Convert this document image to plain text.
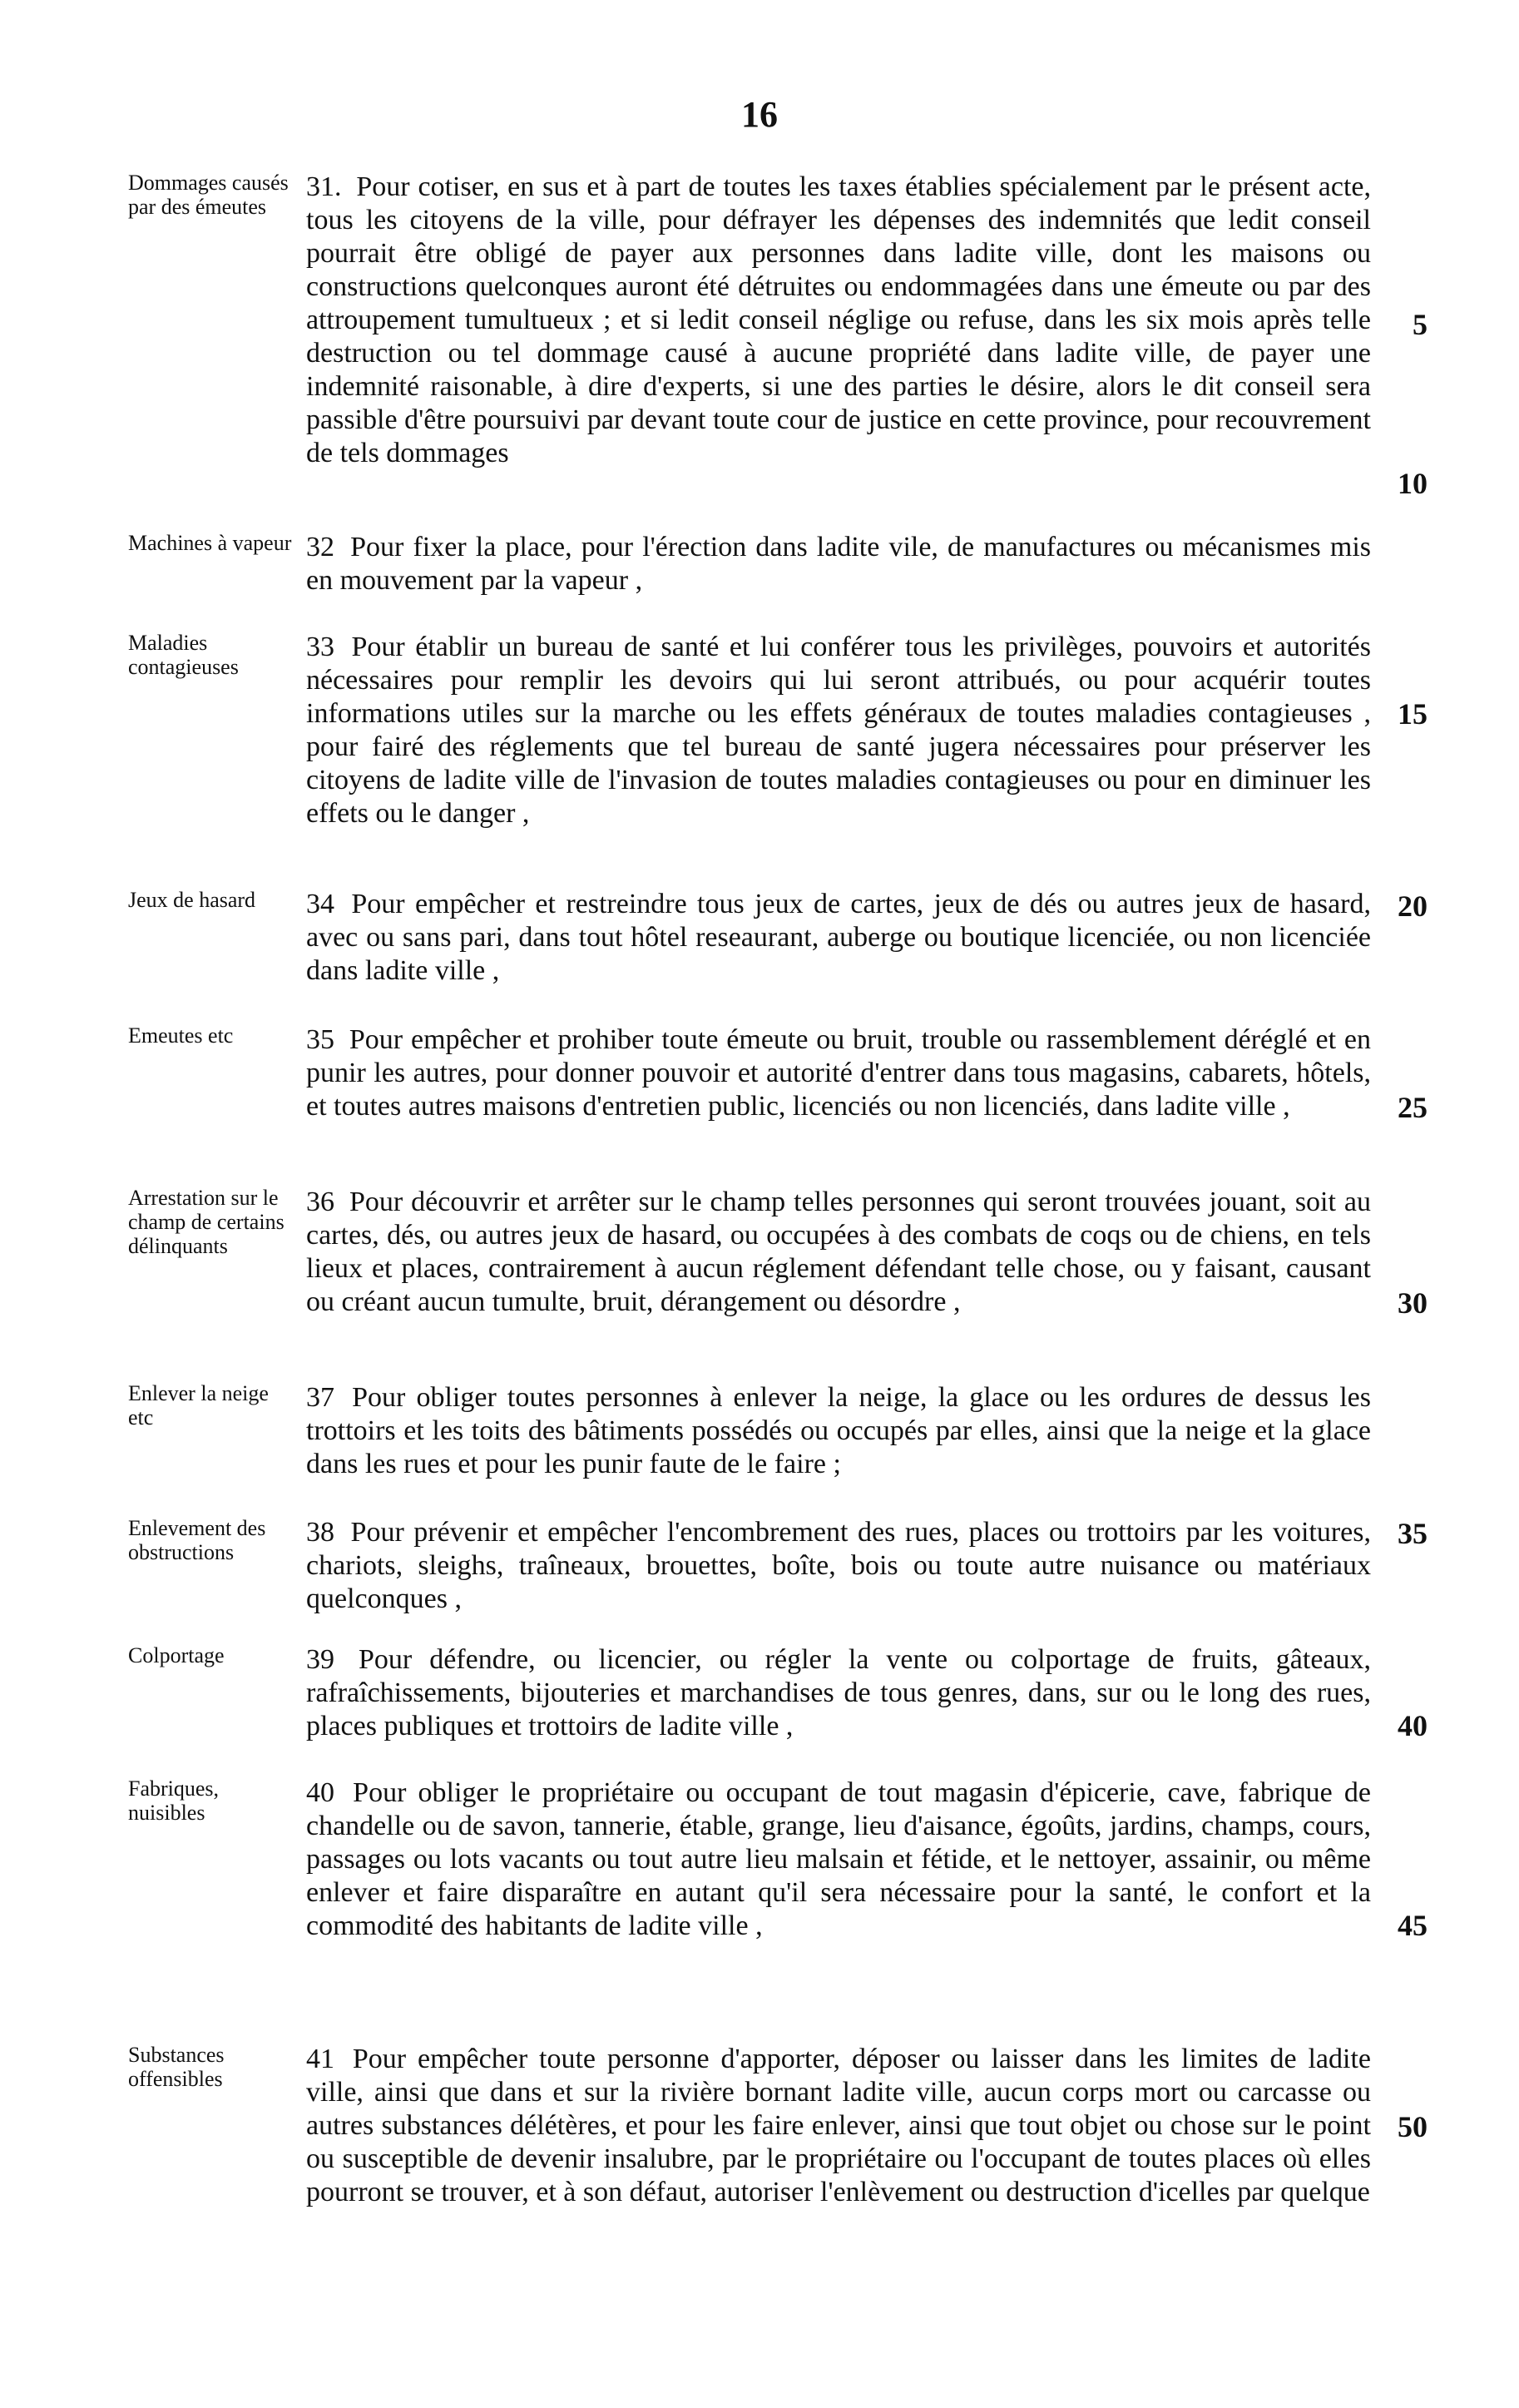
16
Dommages causés par des émeutes
31. Pour cotiser, en sus et à part de toutes les taxes établies spécialement par le présent acte, tous les citoyens de la ville, pour défrayer les dépenses des indemnités que ledit conseil pourrait être obligé de payer aux personnes dans ladite ville, dont les maisons ou constructions quelconques auront été détruites ou endommagées dans une émeute ou par des attroupement tumultueux ; et si ledit conseil néglige ou refuse, dans les six mois après telle destruction ou tel dommage causé à aucune propriété dans ladite ville, de payer une indemnité raisonable, à dire d'experts, si une des parties le désire, alors le dit conseil sera passible d'être poursuivi par devant toute cour de justice en cette province, pour recouvrement de tels dommages
Machines à vapeur 32 Pour fixer la place, pour l'érection dans ladite vile, de manufactures ou mécanismes mis en mouvement par la vapeur ,
Maladies contagieuses
33 Pour établir un bureau de santé et lui conférer tous les privilèges, pouvoirs et autorités nécessaires pour remplir les devoirs qui lui seront attribués, ou pour acquérir toutes informations utiles sur la marche ou les effets généraux de toutes maladies contagieuses , pour fairé des réglements que tel bureau de santé jugera nécessaires pour préserver les citoyens de ladite ville de l'invasion de toutes maladies contagieuses ou pour en diminuer les effets ou le danger ,
Jeux de hasard	34 Pour empêcher et restreindre tous jeux de cartes, jeux de dés ou autres jeux de hasard, avec ou sans pari, dans tout hôtel reseaurant, auberge ou boutique licenciée, ou non licenciée dans ladite ville ,
Emeutes etc	35 Pour empêcher et prohiber toute émeute ou bruit, trouble ou rassemblement déréglé et en punir les autres, pour donner pouvoir et autorité d'entrer dans tous magasins, cabarets, hôtels, et toutes autres maisons d'entretien public, licenciés ou non licenciés, dans ladite ville ,
Arrestation sur le champ de certains délinquants
36 Pour découvrir et arrêter sur le champ telles personnes qui seront trouvées jouant, soit au cartes, dés, ou autres jeux de hasard, ou occupées à des combats de coqs ou de chiens, en tels lieux et places, contrairement à aucun réglement défendant telle chose, ou y faisant, causant ou créant aucun tumulte, bruit, dérangement ou désordre ,
Enlever la neige etc
37 Pour obliger toutes personnes à enlever la neige, la glace ou les ordures de dessus les trottoirs et les toits des bâtiments possédés ou occupés par elles, ainsi que la neige et la glace dans les rues et pour les punir faute de le faire ;
Enlevement des obstructions
38 Pour prévenir et empêcher l'encombrement des rues, places ou trottoirs par les voitures, chariots, sleighs, traîneaux, brouettes, boîte, bois ou toute autre nuisance ou matériaux quelconques ,
Colportage	39 Pour défendre, ou licencier, ou régler la vente ou colportage de fruits, gâteaux, rafraîchissements, bijouteries et marchandises de tous genres, dans, sur ou le long des rues, places publiques et trottoirs de ladite ville ,
Fabriques, nuisibles
40 Pour obliger le propriétaire ou occupant de tout magasin d'épicerie, cave, fabrique de chandelle ou de savon, tannerie, étable, grange, lieu d'aisance, égoûts, jardins, champs, cours, passages ou lots vacants ou tout autre lieu malsain et fétide, et le nettoyer, assainir, ou même enlever et faire disparaître en autant qu'il sera nécessaire pour la santé, le confort et la commodité des habitants de ladite ville ,
Substances offensibles
41 Pour empêcher toute personne d'apporter, déposer ou laisser dans les limites de ladite ville, ainsi que dans et sur la rivière bornant ladite ville, aucun corps mort ou carcasse ou autres substances délétères, et pour les faire enlever, ainsi que tout objet ou chose sur le point ou susceptible de devenir insalubre, par le propriétaire ou l'occupant de toutes places où elles pourront se trouver, et à son défaut, autoriser l'enlèvement ou destruction d'icelles par quelque
5
10
15
20
25
30
35
40
45
50
